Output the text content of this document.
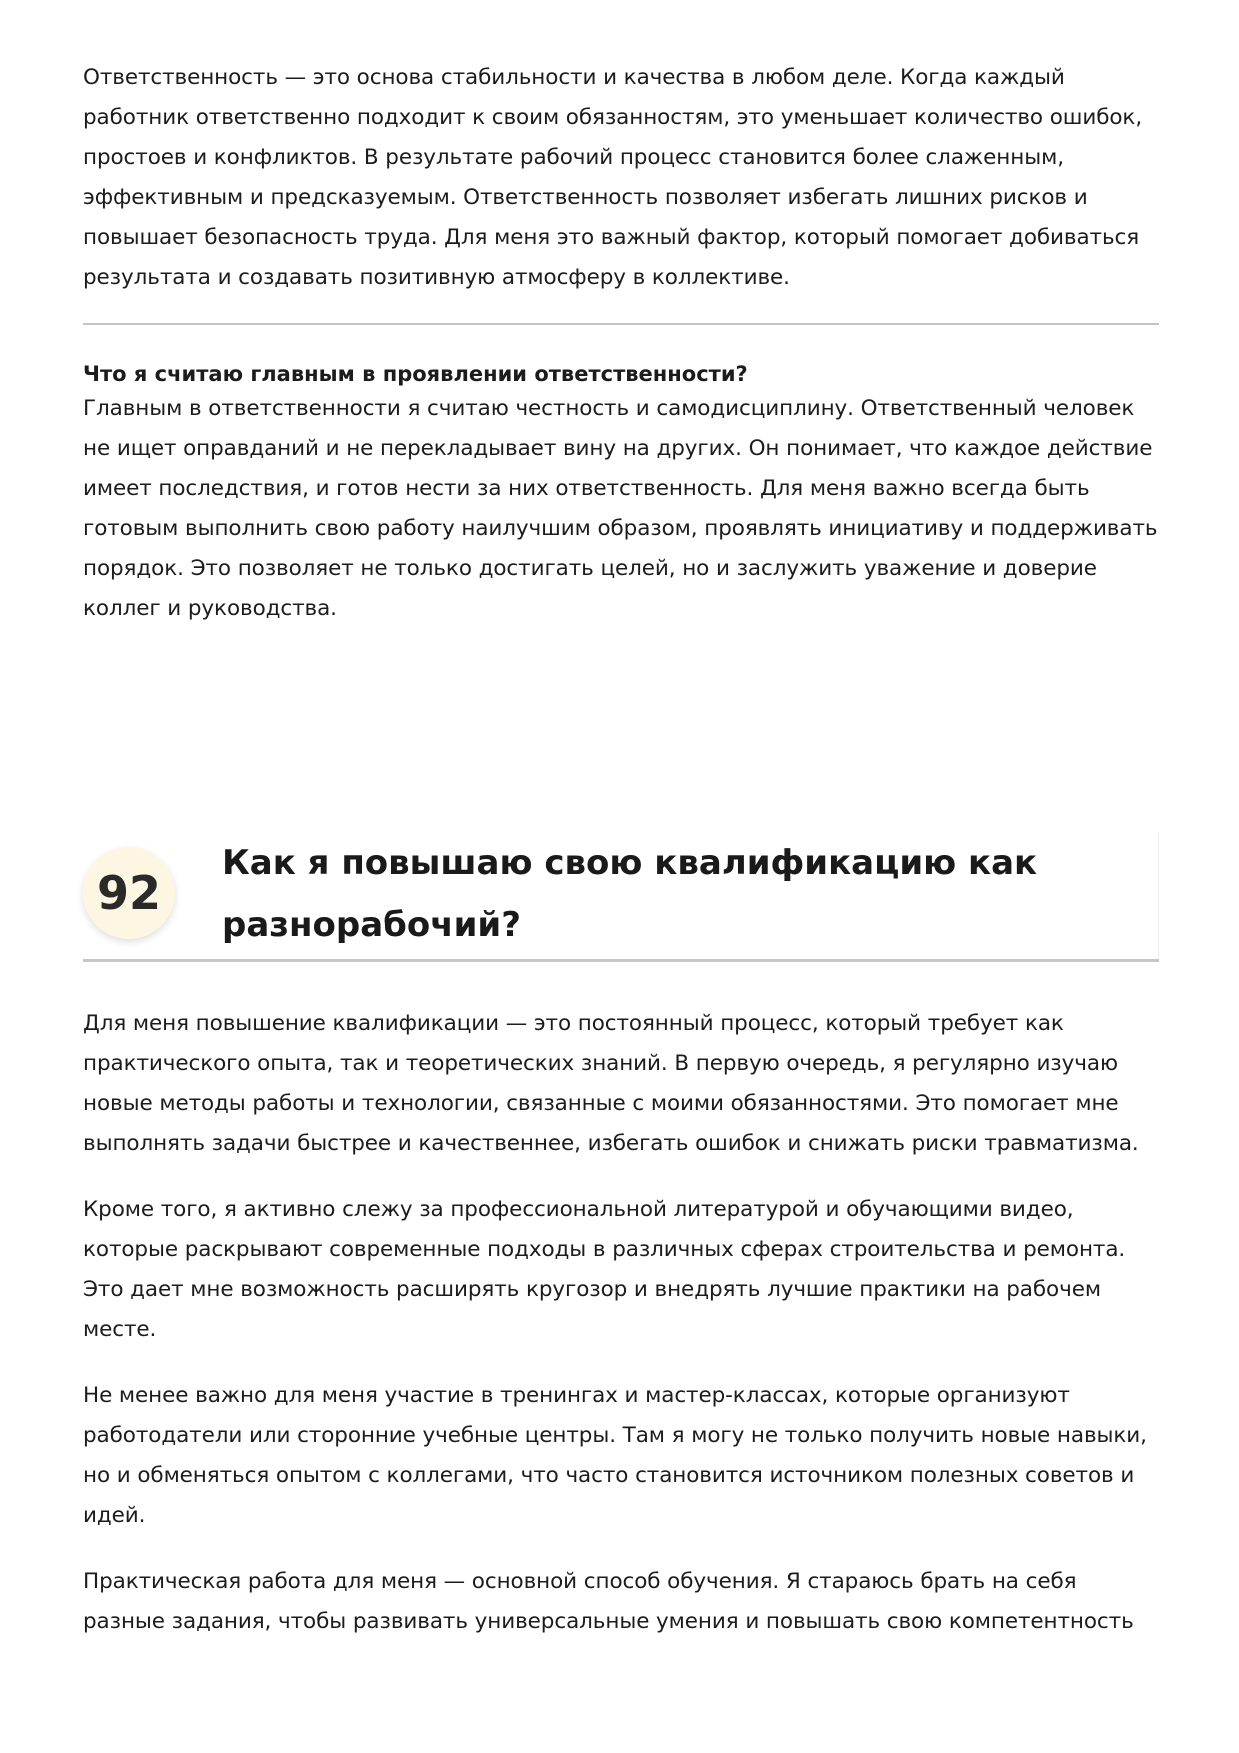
Ответственность — это основа стабильности и качества в любом деле. Когда каждый работник ответственно подходит к своим обязанностям, это уменьшает количество ошибок, простоев и конфликтов. В результате рабочий процесс становится более слаженным, эффективным и предсказуемым. Ответственность позволяет избегать лишних рисков и повышает безопасность труда. Для меня это важный фактор, который помогает добиваться результата и создавать позитивную атмосферу в коллективе.

Что я считаю главным в проявлении ответственности?

Главным в ответственности я считаю честность и самодисциплину. Ответственный человек не ищет оправданий и не перекладывает вину на других. Он понимает, что каждое действие имеет последствия, и готов нести за них ответственность. Для меня важно всегда быть готовым выполнить свою работу наилучшим образом, проявлять инициативу и поддерживать порядок. Это позволяет не только достигать целей, но и заслужить уважение и доверие коллег и руководства.

92
Как я повышаю свою квалификацию как разнорабочий?

Для меня повышение квалификации — это постоянный процесс, который требует как практического опыта, так и теоретических знаний. В первую очередь, я регулярно изучаю новые методы работы и технологии, связанные с моими обязанностями. Это помогает мне выполнять задачи быстрее и качественнее, избегать ошибок и снижать риски травматизма.

Кроме того, я активно слежу за профессиональной литературой и обучающими видео, которые раскрывают современные подходы в различных сферах строительства и ремонта. Это дает мне возможность расширять кругозор и внедрять лучшие практики на рабочем месте.

Не менее важно для меня участие в тренингах и мастер-классах, которые организуют работодатели или сторонние учебные центры. Там я могу не только получить новые навыки, но и обменяться опытом с коллегами, что часто становится источником полезных советов и идей.

Практическая работа для меня — основной способ обучения. Я стараюсь брать на себя разные задания, чтобы развивать универсальные умения и повышать свою компетентность
